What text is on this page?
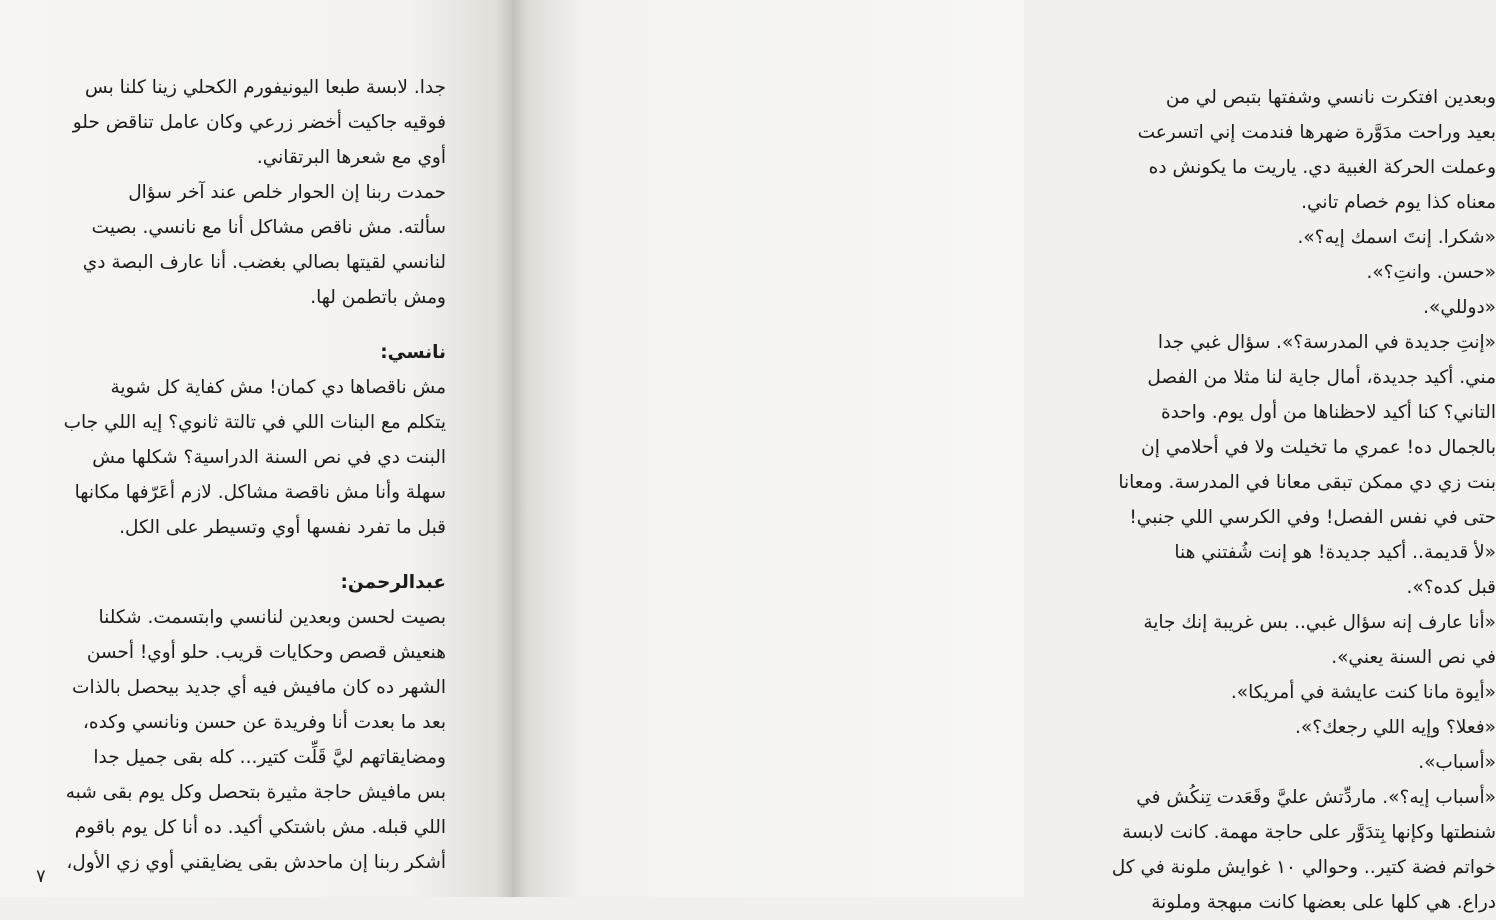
جدا. لابسة طبعا اليونيفورم الكحلي زينا كلنا بس
فوقيه جاكيت أخضر زرعي وكان عامل تناقض حلو
أوي مع شعرها البرتقاني.
حمدت ربنا إن الحوار خلص عند آخر سؤال
سألته. مش ناقص مشاكل أنا مع نانسي. بصيت
لنانسي لقيتها بصالي بغضب. أنا عارف البصة دي
ومش باتطمن لها.
نانسي:
مش ناقصاها دي كمان! مش كفاية كل شوية
يتكلم مع البنات اللي في تالتة ثانوي؟ إيه اللي جاب
البنت دي في نص السنة الدراسية؟ شكلها مش
سهلة وأنا مش ناقصة مشاكل. لازم أعَرّفها مكانها
قبل ما تفرد نفسها أوي وتسيطر على الكل.
عبدالرحمن:
بصيت لحسن وبعدين لنانسي وابتسمت. شكلنا
هنعيش قصص وحكايات قريب. حلو أوي! أحسن
الشهر ده كان مافيش فيه أي جديد بيحصل بالذات
بعد ما بعدت أنا وفريدة عن حسن ونانسي وكده،
ومضايقاتهم ليَّ قَلِّت كتير... كله بقى جميل جدا
بس مافيش حاجة مثيرة بتحصل وكل يوم بقى شبه
اللي قبله. مش باشتكي أكيد. ده أنا كل يوم باقوم
أشكر ربنا إن ماحدش بقى يضايقني أوي زي الأول،
٧
وبعدين افتكرت نانسي وشفتها بتبص لي من
بعيد وراحت مدَوَّرة ضهرها فندمت إني اتسرعت
وعملت الحركة الغبية دي. ياريت ما يكونش ده
معناه كذا يوم خصام تاني.
«شكرا. إنتَ اسمك إيه؟».
«حسن. وانتِ؟».
«دوللي».
«إنتِ جديدة في المدرسة؟». سؤال غبي جدا
مني. أكيد جديدة، أمال جاية لنا مثلا من الفصل
التاني؟ كنا أكيد لاحظناها من أول يوم. واحدة
بالجمال ده! عمري ما تخيلت ولا في أحلامي إن
بنت زي دي ممكن تبقى معانا في المدرسة. ومعانا
حتى في نفس الفصل! وفي الكرسي اللي جنبي!
«لأ قديمة.. أكيد جديدة! هو إنت شُفتني هنا
قبل كده؟».
«أنا عارف إنه سؤال غبي.. بس غريبة إنك جاية
في نص السنة يعني».
«أيوة مانا كنت عايشة في أمريكا».
«فعلا؟ وإيه اللي رجعك؟».
«أسباب».
«أسباب إيه؟». ماردِّتش عليَّ وقَعَدت تِنكُش في
شنطتها وكإنها بِتدَوَّر على حاجة مهمة. كانت لابسة
خواتم فضة كتير.. وحوالي ١٠ غوايش ملونة في كل
دراع. هي كلها على بعضها كانت مبهجة وملونة
